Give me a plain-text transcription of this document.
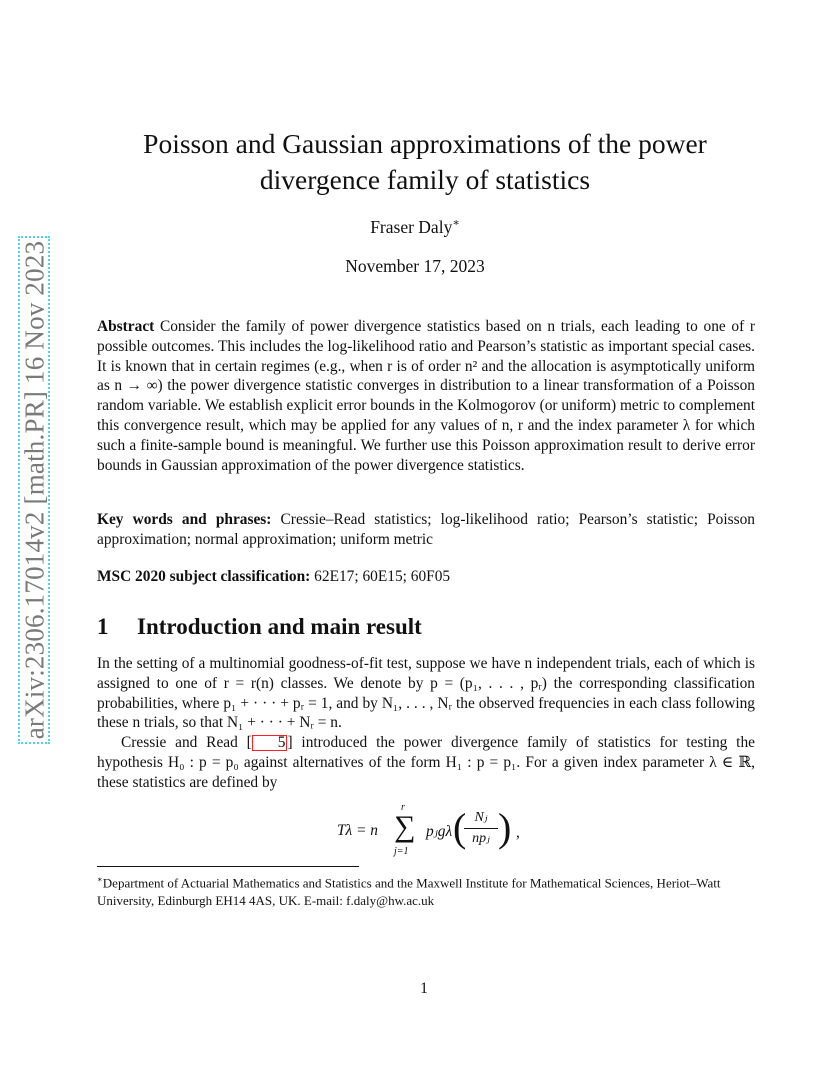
arXiv:2306.17014v2 [math.PR] 16 Nov 2023
Poisson and Gaussian approximations of the power divergence family of statistics
Fraser Daly∗
November 17, 2023
Abstract Consider the family of power divergence statistics based on n trials, each leading to one of r possible outcomes. This includes the log-likelihood ratio and Pearson’s statistic as important special cases. It is known that in certain regimes (e.g., when r is of order n² and the allocation is asymptotically uniform as n → ∞) the power divergence statistic converges in distribution to a linear transformation of a Poisson random variable. We establish explicit error bounds in the Kolmogorov (or uniform) metric to complement this convergence result, which may be applied for any values of n, r and the index parameter λ for which such a finite-sample bound is meaningful. We further use this Poisson approximation result to derive error bounds in Gaussian approximation of the power divergence statistics.
Key words and phrases: Cressie–Read statistics; log-likelihood ratio; Pearson’s statistic; Poisson approximation; normal approximation; uniform metric
MSC 2020 subject classification: 62E17; 60E15; 60F05
1 Introduction and main result
In the setting of a multinomial goodness-of-fit test, suppose we have n independent trials, each of which is assigned to one of r = r(n) classes. We denote by p = (p₁, . . . , pᵣ) the corresponding classification probabilities, where p₁ + · · · + pᵣ = 1, and by N₁, . . . , Nᵣ the observed frequencies in each class following these n trials, so that N₁ + · · · + Nᵣ = n.
Cressie and Read [ 5 ] introduced the power divergence family of statistics for testing the hypothesis H₀ : p = p₀ against alternatives of the form H₁ : p = p₁. For a given index parameter λ ∈ ℝ, these statistics are defined by
Tλ = n
r
∑
j=1
pⱼgλ ( Nⱼ
npⱼ ) ,
∗Department of Actuarial Mathematics and Statistics and the Maxwell Institute for Mathematical Sciences, Heriot–Watt University, Edinburgh EH14 4AS, UK. E-mail: f.daly@hw.ac.uk
1
